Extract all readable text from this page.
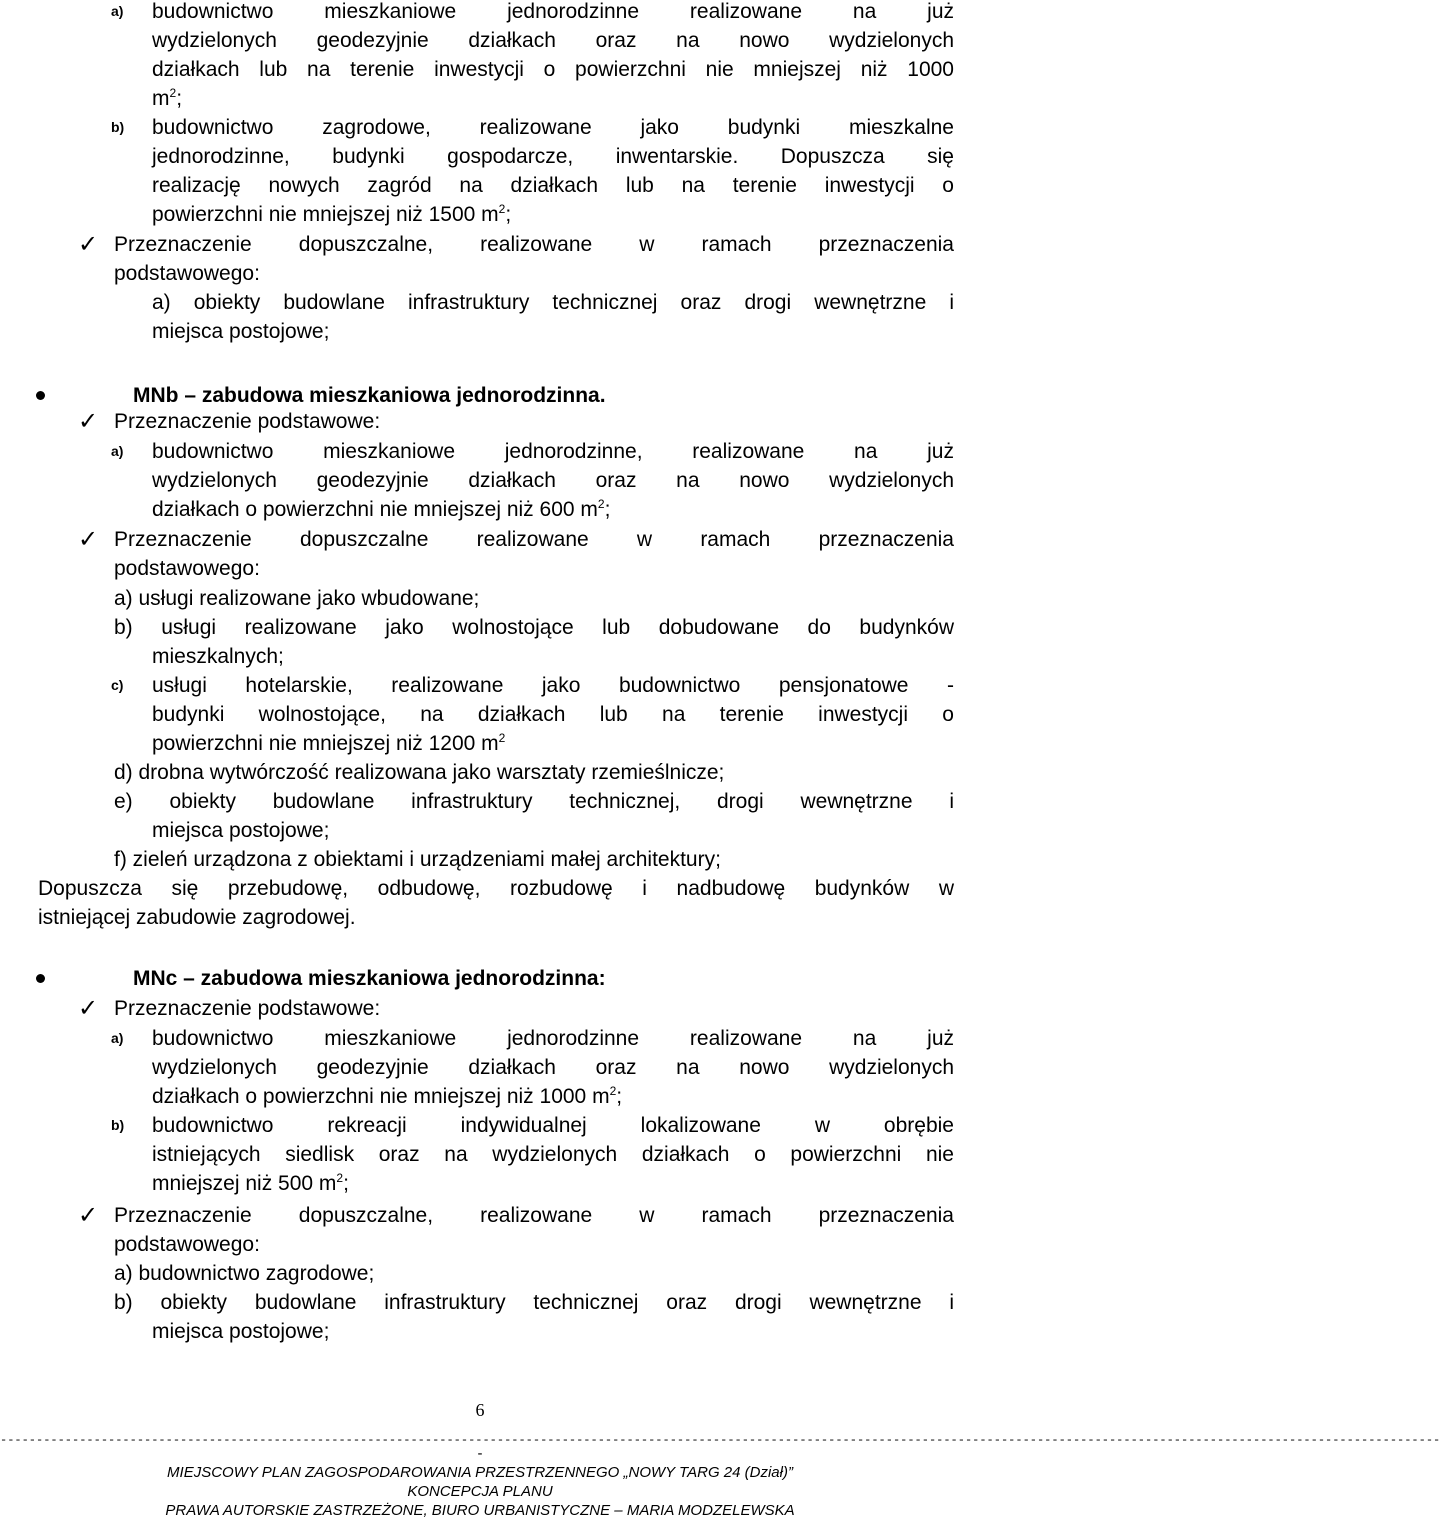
a) budownictwo mieszkaniowe jednorodzinne realizowane na już
wydzielonych geodezyjnie działkach oraz na nowo wydzielonych
działkach lub na terenie inwestycji o powierzchni nie mniejszej niż 1000
$m^2$;
b) budownictwo zagrodowe, realizowane jako budynki mieszkalne
jednorodzinne, budynki gospodarcze, inwentarskie. Dopuszcza się
realizację nowych zagród na działkach lub na terenie inwestycji o
powierzchni nie mniejszej niż 1500 $m^2$;
✓ Przeznaczenie dopuszczalne, realizowane w ramach przeznaczenia
podstawowego:
a) obiekty budowlane infrastruktury technicznej oraz drogi wewnętrzne i
miejsca postojowe;
MNb – zabudowa mieszkaniowa jednorodzinna.
✓ Przeznaczenie podstawowe:
a) budownictwo mieszkaniowe jednorodzinne, realizowane na już
wydzielonych geodezyjnie działkach oraz na nowo wydzielonych
działkach o powierzchni nie mniejszej niż 600 $m^2$;
✓ Przeznaczenie dopuszczalne realizowane w ramach przeznaczenia
podstawowego:
a) usługi realizowane jako wbudowane;
b) usługi realizowane jako wolnostojące lub dobudowane do budynków
mieszkalnych;
c) usługi hotelarskie, realizowane jako budownictwo pensjonatowe -
budynki wolnostojące, na działkach lub na terenie inwestycji o
powierzchni nie mniejszej niż 1200 $m^2$
d) drobna wytwórczość realizowana jako warsztaty rzemieślnicze;
e) obiekty budowlane infrastruktury technicznej, drogi wewnętrzne i
miejsca postojowe;
f) zieleń urządzona z obiektami i urządzeniami małej architektury;
Dopuszcza się przebudowę, odbudowę, rozbudowę i nadbudowę budynków w
istniejącej zabudowie zagrodowej.
MNc – zabudowa mieszkaniowa jednorodzinna:
✓ Przeznaczenie podstawowe:
a) budownictwo mieszkaniowe jednorodzinne realizowane na już
wydzielonych geodezyjnie działkach oraz na nowo wydzielonych
działkach o powierzchni nie mniejszej niż 1000 $m^2$;
b) budownictwo rekreacji indywidualnej lokalizowane w obrębie
istniejących siedlisk oraz na wydzielonych działkach o powierzchni nie
mniejszej niż 500 $m^2$;
✓ Przeznaczenie dopuszczalne, realizowane w ramach przeznaczenia
podstawowego:
a) budownictwo zagrodowe;
b) obiekty budowlane infrastruktury technicznej oraz drogi wewnętrzne i
miejsca postojowe;
6
--------------------------------------------------------------------------------------------------------------------------------------------------------------------------------------------------------
-
MIEJSCOWY PLAN ZAGOSPODAROWANIA PRZESTRZENNEGO „NOWY TARG 24 (Dział)”
KONCEPCJA PLANU
PRAWA AUTORSKIE ZASTRZEŻONE, BIURO URBANISTYCZNE – MARIA MODZELEWSKA
